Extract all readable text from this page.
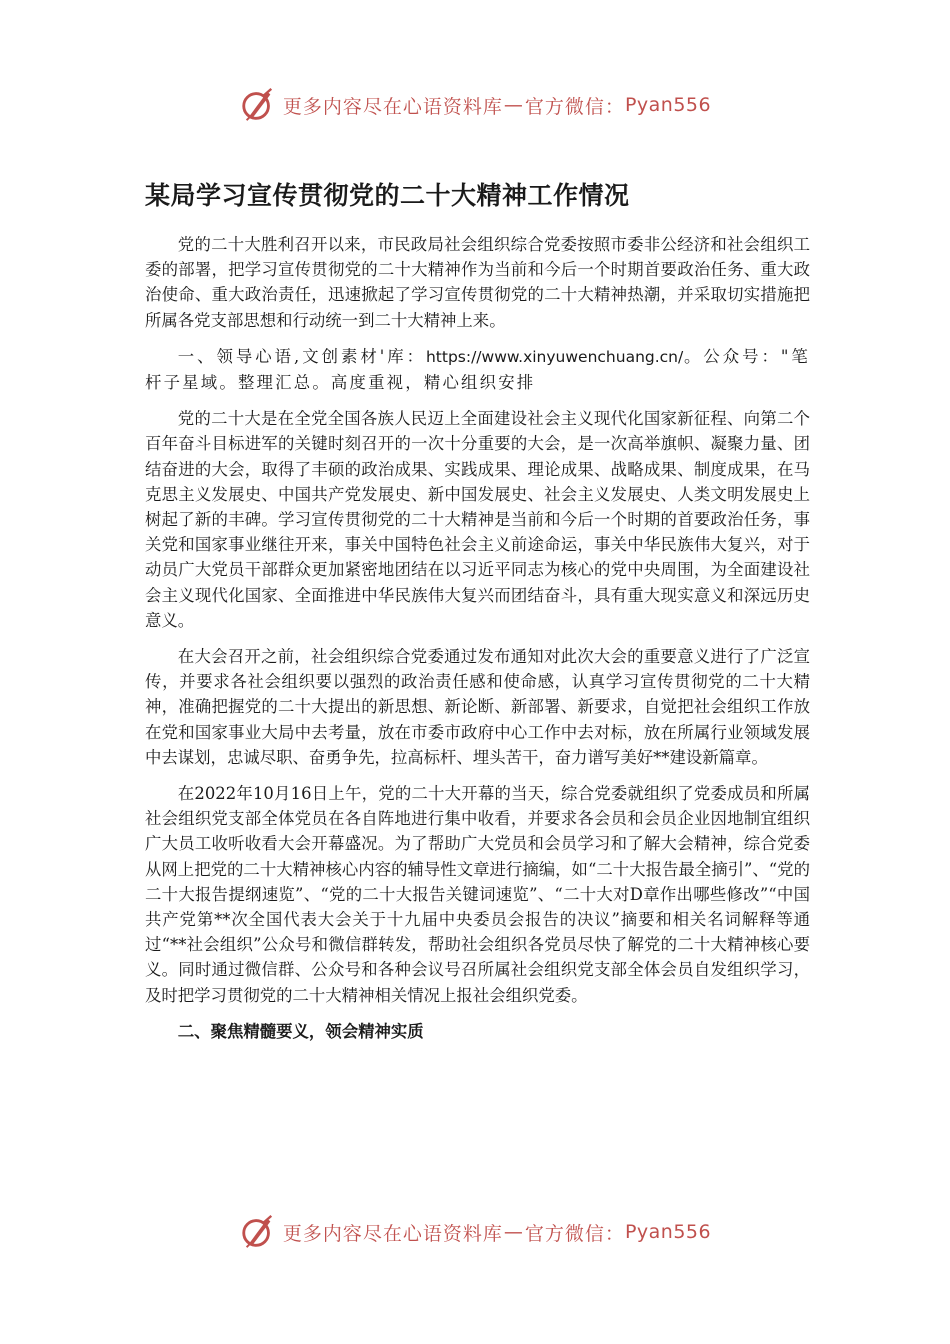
更多内容尽在心语资料库 — 官方微信： Pyan556
某局学习宣传贯彻党的二十大精神工作情况

党的二十大胜利召开以来，市民政局社会组织综合党委按照市委非公经济和社会组织工委的部署，把学习宣传贯彻党的二十大精神作为当前和今后一个时期首要政治任务、重大政治使命、重大政治责任，迅速掀起了学习宣传贯彻党的二十大精神热潮，并采取切实措施把所属各党支部思想和行动统一到二十大精神上来。

一、领导心语,文创素材'库：https://www.xinyuwenchuang.cn/。公众号："笔杆子星域。整理汇总。高度重视，精心组织安排

党的二十大是在全党全国各族人民迈上全面建设社会主义现代化国家新征程、向第二个百年奋斗目标进军的关键时刻召开的一次十分重要的大会，是一次高举旗帜、凝聚力量、团结奋进的大会，取得了丰硕的政治成果、实践成果、理论成果、战略成果、制度成果，在马克思主义发展史、中国共产党发展史、新中国发展史、社会主义发展史、人类文明发展史上树起了新的丰碑。学习宣传贯彻党的二十大精神是当前和今后一个时期的首要政治任务，事关党和国家事业继往开来，事关中国特色社会主义前途命运，事关中华民族伟大复兴，对于动员广大党员干部群众更加紧密地团结在以习近平同志为核心的党中央周围，为全面建设社会主义现代化国家、全面推进中华民族伟大复兴而团结奋斗，具有重大现实意义和深远历史意义。

在大会召开之前，社会组织综合党委通过发布通知对此次大会的重要意义进行了广泛宣传，并要求各社会组织要以强烈的政治责任感和使命感，认真学习宣传贯彻党的二十大精神，准确把握党的二十大提出的新思想、新论断、新部署、新要求，自觉把社会组织工作放在党和国家事业大局中去考量，放在市委市政府中心工作中去对标，放在所属行业领域发展中去谋划，忠诚尽职、奋勇争先，拉高标杆、埋头苦干，奋力谱写美好**建设新篇章。

在2022年10月16日上午，党的二十大开幕的当天，综合党委就组织了党委成员和所属社会组织党支部全体党员在各自阵地进行集中收看，并要求各会员和会员企业因地制宜组织广大员工收听收看大会开幕盛况。为了帮助广大党员和会员学习和了解大会精神，综合党委从网上把党的二十大精神核心内容的辅导性文章进行摘编，如“二十大报告最全摘引”、“党的二十大报告提纲速览”、“党的二十大报告关键词速览”、“二十大对D章作出哪些修改”“中国共产党第**次全国代表大会关于十九届中央委员会报告的决议”摘要和相关名词解释等通过“**社会组织”公众号和微信群转发，帮助社会组织各党员尽快了解党的二十大精神核心要义。同时通过微信群、公众号和各种会议号召所属社会组织党支部全体会员自发组织学习，及时把学习贯彻党的二十大精神相关情况上报社会组织党委。

二、聚焦精髓要义，领会精神实质

更多内容尽在心语资料库 — 官方微信： Pyan556
